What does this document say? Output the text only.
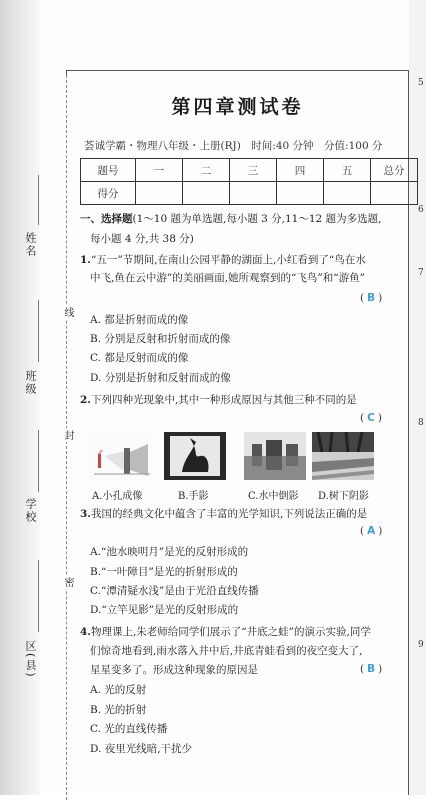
5
6
7
8
9
姓名
班级
学校
区(县)
线
封
密
第四章测试卷
荟诚学霸・物理八年级・上册(RJ)　时间:40 分钟　分值:100 分
题号	一	二	三	四	五	总分
得分						
一、选择题(1～10 题为单选题,每小题 3 分,11～12 题为多选题,
每小题 4 分,共 38 分)
1.“五一”节期间,在南山公园平静的湖面上,小红看到了“鸟在水
中飞,鱼在云中游”的美丽画面,她所观察到的“飞鸟”和“游鱼”
( B )
A. 都是折射而成的像
B. 分别是反射和折射而成的像
C. 都是反射而成的像
D. 分别是折射和反射而成的像
2.下列四种光现象中,其中一种形成原因与其他三种不同的是
( C )
A.小孔成像	B.手影	C.水中倒影 D.树下阴影
3.我国的经典文化中蕴含了丰富的光学知识,下列说法正确的是
( A )
A.“池水映明月”是光的反射形成的
B.“一叶障目”是光的折射形成的
C.“潭清疑水浅”是由于光沿直线传播
D.“立竿见影”是光的反射形成的
4.物理课上,朱老师给同学们展示了“井底之蛙”的演示实验,同学
们惊奇地看到,雨水落入井中后,井底青蛙看到的夜空变大了,
星星变多了。形成这种现象的原因是	( B )
A. 光的反射
B. 光的折射
C. 光的直线传播
D. 夜里光线暗,干扰少
